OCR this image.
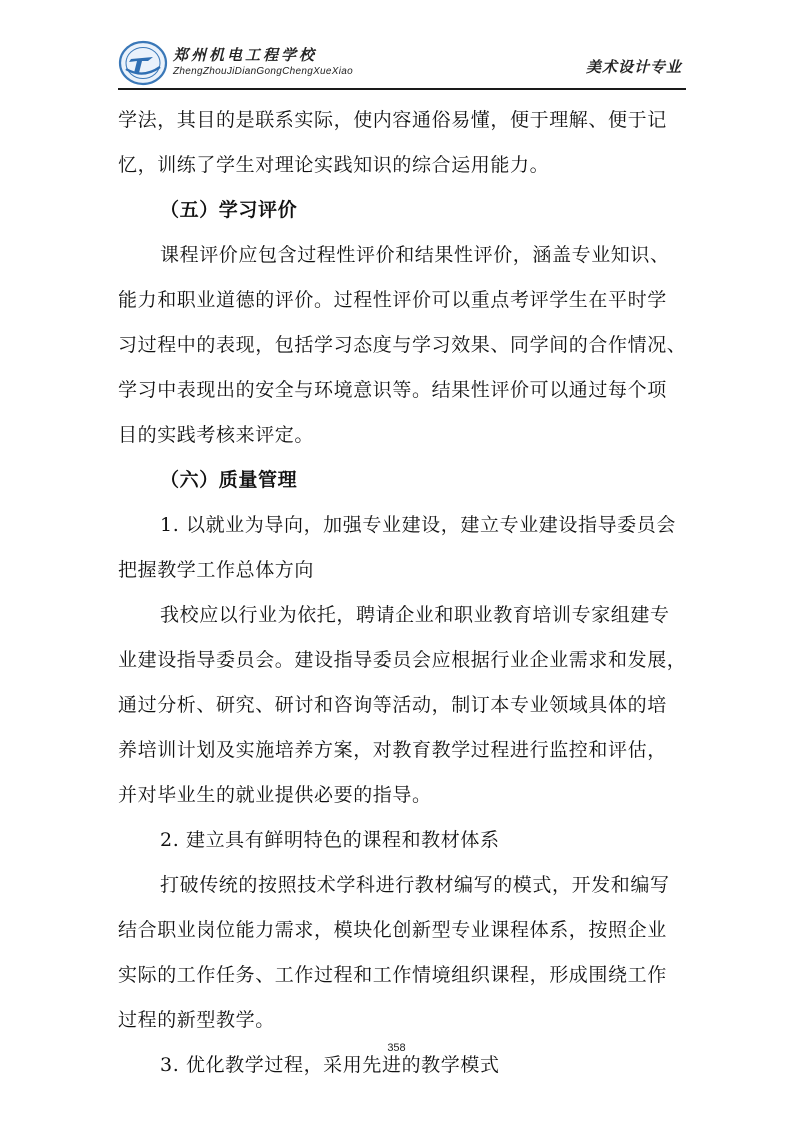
郑州机电工程学校
ZhengZhouJiDianGongChengXueXiao	美术设计专业
学法，其目的是联系实际，使内容通俗易懂，便于理解、便于记
忆，训练了学生对理论实践知识的综合运用能力。
（五）学习评价
课程评价应包含过程性评价和结果性评价，涵盖专业知识、
能力和职业道德的评价。过程性评价可以重点考评学生在平时学
习过程中的表现，包括学习态度与学习效果、同学间的合作情况、
学习中表现出的安全与环境意识等。结果性评价可以通过每个项
目的实践考核来评定。
（六）质量管理
1. 以就业为导向，加强专业建设，建立专业建设指导委员会
把握教学工作总体方向
我校应以行业为依托，聘请企业和职业教育培训专家组建专
业建设指导委员会。建设指导委员会应根据行业企业需求和发展，
通过分析、研究、研讨和咨询等活动，制订本专业领域具体的培
养培训计划及实施培养方案，对教育教学过程进行监控和评估，
并对毕业生的就业提供必要的指导。
2. 建立具有鲜明特色的课程和教材体系
打破传统的按照技术学科进行教材编写的模式，开发和编写
结合职业岗位能力需求，模块化创新型专业课程体系，按照企业
实际的工作任务、工作过程和工作情境组织课程，形成围绕工作
过程的新型教学。
3. 优化教学过程，采用先进的教学模式
358
